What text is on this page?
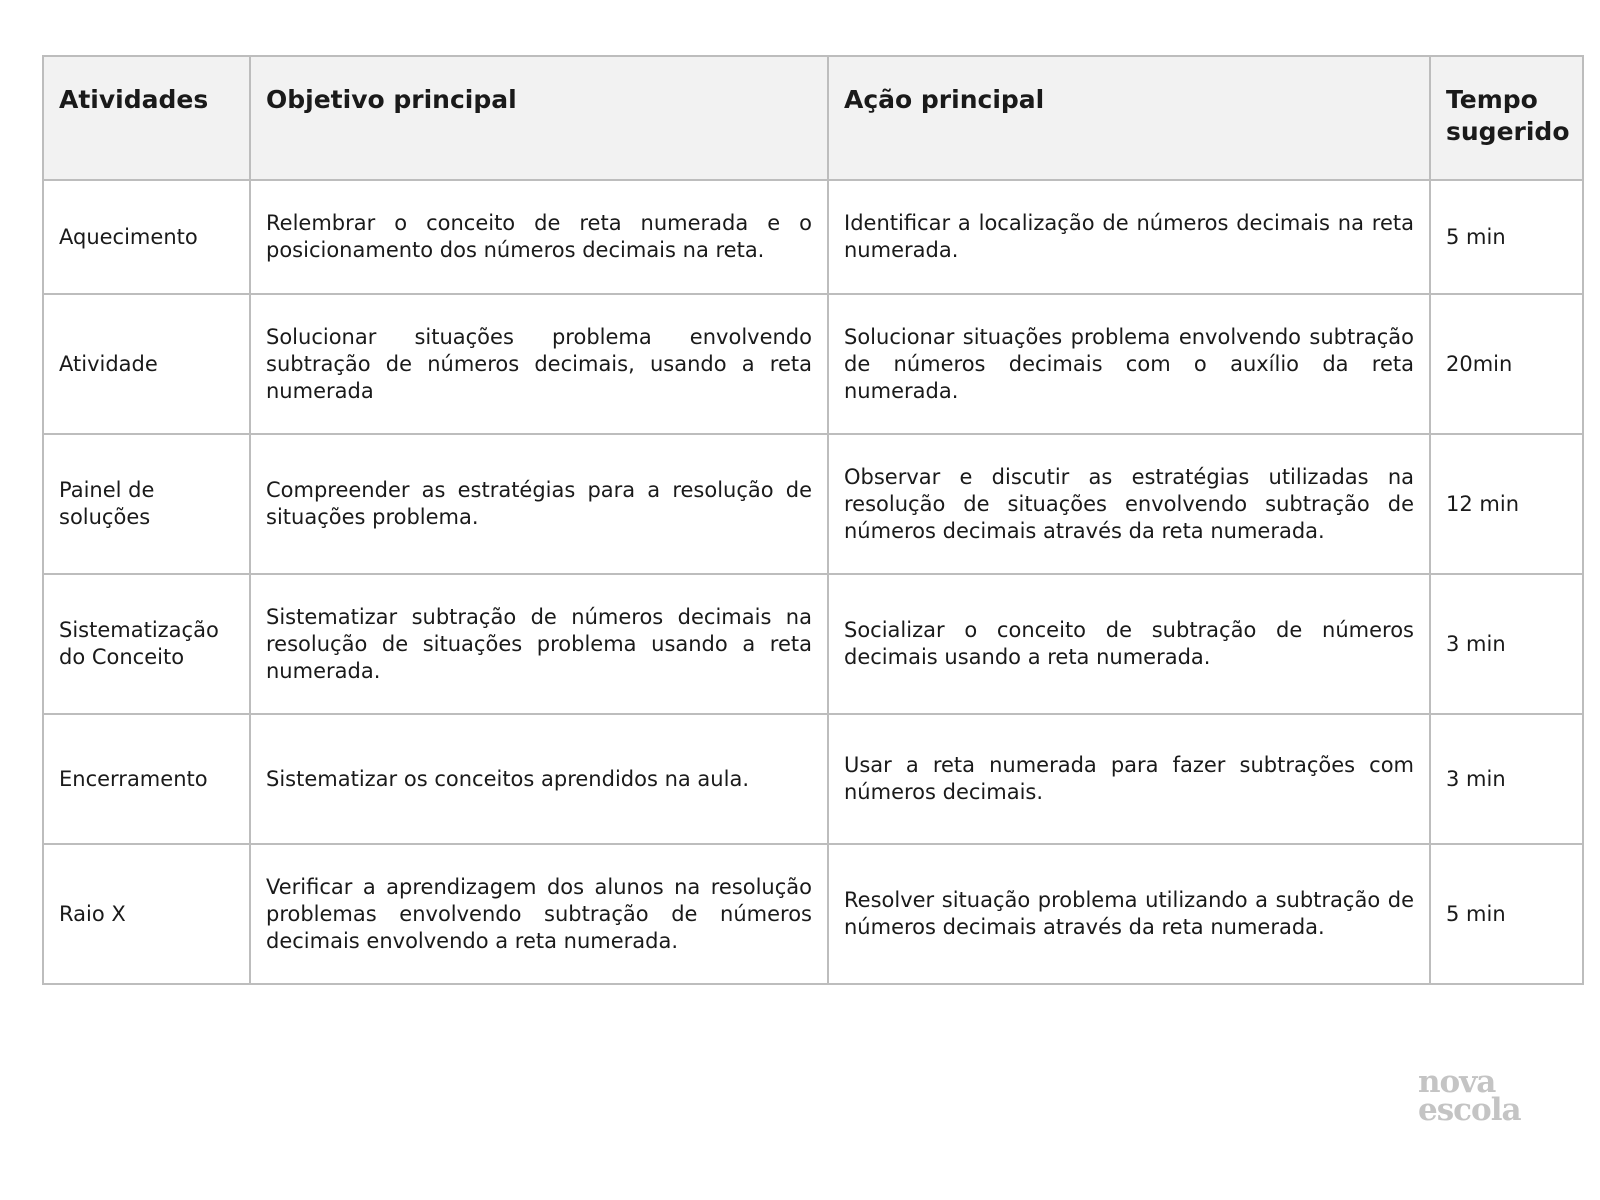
Atividades	Objetivo principal	Ação principal	Tempo sugerido
Aquecimento	Relembrar o conceito de reta numerada e o posicionamento dos números decimais na reta.	Identificar a localização de números decimais na reta numerada.	5 min
Atividade	Solucionar situações problema envolvendo subtração de números decimais, usando a reta numerada	Solucionar situações problema envolvendo subtração de números decimais com o auxílio da reta numerada.	20min
Painel de soluções	Compreender as estratégias para a resolução de situações problema.	Observar e discutir as estratégias utilizadas na resolução de situações envolvendo subtração de números decimais através da reta numerada.	12 min
Sistematização do Conceito	Sistematizar subtração de números decimais na resolução de situações problema usando a reta numerada.	Socializar o conceito de subtração de números decimais usando a reta numerada.	3 min
Encerramento	Sistematizar os conceitos aprendidos na aula.	Usar a reta numerada para fazer subtrações com números decimais.	3 min
Raio X	Verificar a aprendizagem dos alunos na resolução problemas envolvendo subtração de números decimais envolvendo a reta numerada.	Resolver situação problema utilizando a subtração de números decimais através da reta numerada.	5 min
nova
escola
